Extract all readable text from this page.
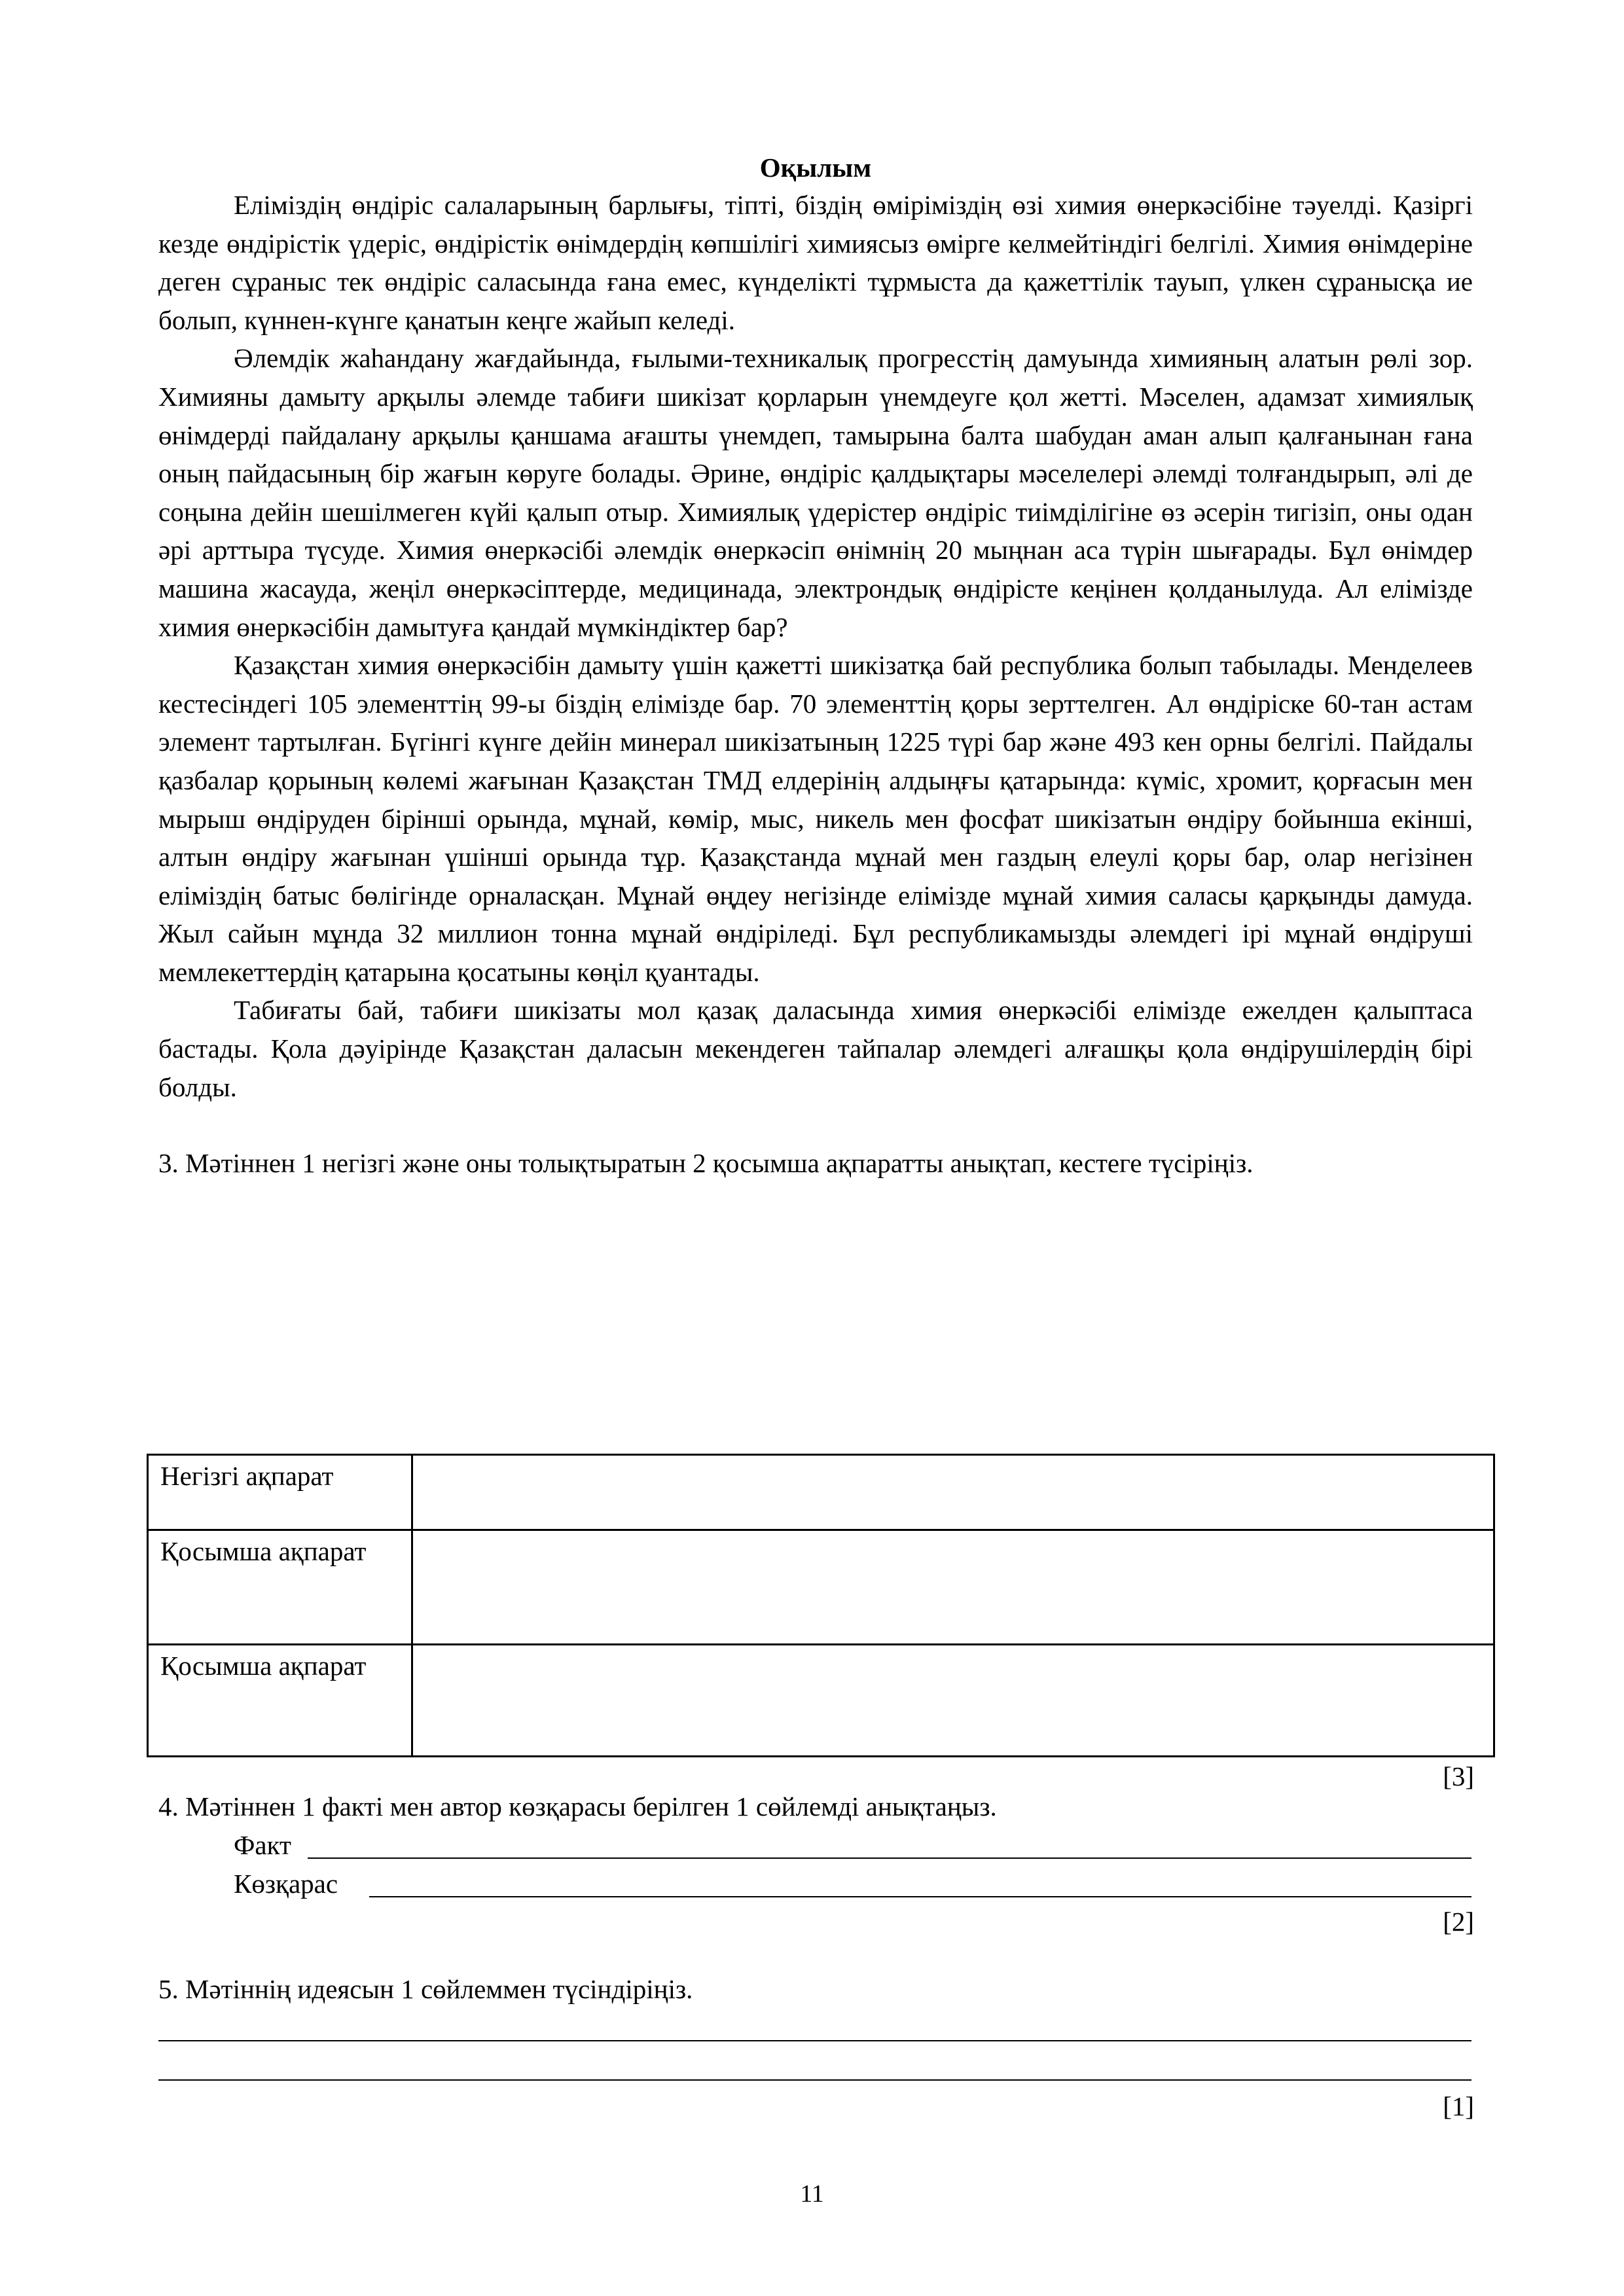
Оқылым

Еліміздің өндіріс салаларының барлығы, тіпті, біздің өміріміздің өзі химия өнеркәсібіне тәуелді. Қазіргі кезде өндірістік үдеріс, өндірістік өнімдердің көпшілігі химиясыз өмірге келмейтіндігі белгілі. Химия өнімдеріне деген сұраныс тек өндіріс саласында ғана емес, күнделікті тұрмыста да қажеттілік тауып, үлкен сұранысқа ие болып, күннен-күнге қанатын кеңге жайып келеді.

Әлемдік жаһандану жағдайында, ғылыми-техникалық прогресстің дамуында химияның алатын рөлі зор. Химияны дамыту арқылы әлемде табиғи шикізат қорларын үнемдеуге қол жетті. Мәселен, адамзат химиялық өнімдерді пайдалану арқылы қаншама ағашты үнемдеп, тамырына балта шабудан аман алып қалғанынан ғана оның пайдасының бір жағын көруге болады. Әрине, өндіріс қалдықтары мәселелері әлемді толғандырып, әлі де соңына дейін шешілмеген күйі қалып отыр. Химиялық үдерістер өндіріс тиімділігіне өз әсерін тигізіп, оны одан әрі арттыра түсуде. Химия өнеркәсібі әлемдік өнеркәсіп өнімнің 20 мыңнан аса түрін шығарады. Бұл өнімдер машина жасауда, жеңіл өнеркәсіптерде, медицинада, электрондық өндірісте кеңінен қолданылуда. Ал елімізде химия өнеркәсібін дамытуға қандай мүмкіндіктер бар?

Қазақстан химия өнеркәсібін дамыту үшін қажетті шикізатқа бай республика болып табылады. Менделеев кестесіндегі 105 элементтің 99-ы біздің елімізде бар. 70 элементтің қоры зерттелген. Ал өндіріске 60-тан астам элемент тартылған. Бүгінгі күнге дейін минерал шикізатының 1225 түрі бар және 493 кен орны белгілі. Пайдалы қазбалар қорының көлемі жағынан Қазақстан ТМД елдерінің алдыңғы қатарында: күміс, хромит, қорғасын мен мырыш өндіруден бірінші орында, мұнай, көмір, мыс, никель мен фосфат шикізатын өндіру бойынша екінші, алтын өндіру жағынан үшінші орында тұр. Қазақстанда мұнай мен газдың елеулі қоры бар, олар негізінен еліміздің батыс бөлігінде орналасқан. Мұнай өңдеу негізінде елімізде мұнай химия саласы қарқынды дамуда. Жыл сайын мұнда 32 миллион тонна мұнай өндіріледі. Бұл республикамызды әлемдегі ірі мұнай өндіруші мемлекеттердің қатарына қосатыны көңіл қуантады.

Табиғаты бай, табиғи шикізаты мол қазақ даласында химия өнеркәсібі елімізде ежелден қалыптаса бастады. Қола дәуірінде Қазақстан даласын мекендеген тайпалар әлемдегі алғашқы қола өндірушілердің бірі болды.

3. Мәтіннен 1 негізгі және оны толықтыратын 2 қосымша ақпаратты анықтап, кестеге түсіріңіз.

Негізгі ақпарат	
Қосымша ақпарат	
Қосымша ақпарат	
[3]
4. Мәтіннен 1 факті мен автор көзқарасы берілген 1 сөйлемді анықтаңыз.
Факт
Көзқарас
[2]
5. Мәтіннің идеясын 1 сөйлеммен түсіндіріңіз.
[1]
11
